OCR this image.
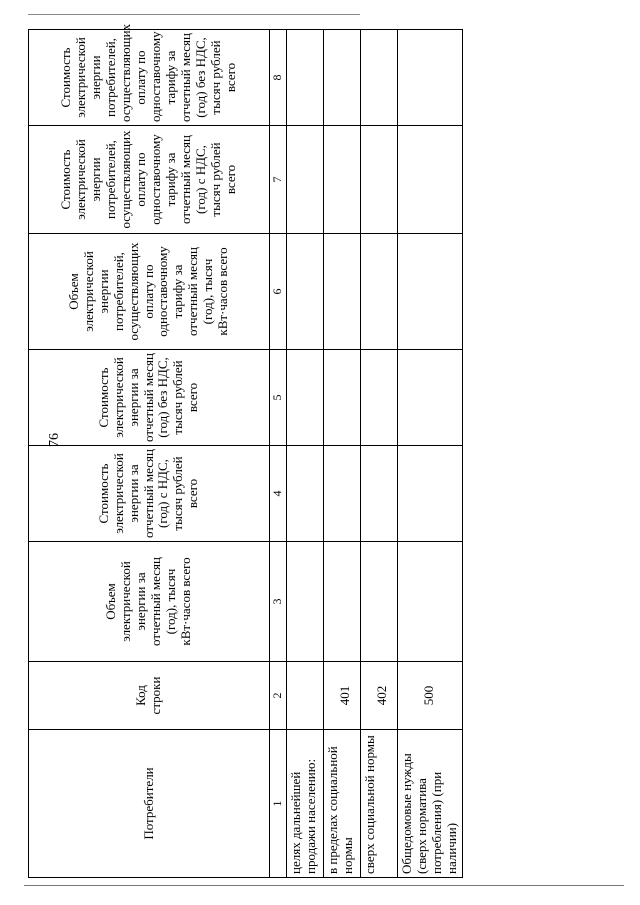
76
Потребители	Код строки	Объем электрической энергии за отчетный месяц (год), тысяч кВт·часов всего	Стоимость электрической энергии за отчетный месяц (год) с НДС, тысяч рублей всего	Стоимость электрической энергии за отчетный месяц (год) без НДС, тысяч рублей всего	Объем электрической энергии потребителей, осуществляющих оплату по одноставочному тарифу за отчетный месяц (год), тысяч кВт·часов всего	Стоимость электрической энергии потребителей, осуществляющих оплату по одноставочному тарифу за отчетный месяц (год) с НДС, тысяч рублей всего	Стоимость электрической энергии потребителей, осуществляющих оплату по одноставочному тарифу за отчетный месяц (год) без НДС, тысяч рублей всего
1	2	3	4	5	6	7	8
целях дальнейшей продажи населению:							
в пределах социальной нормы	401						

сверх социальной нормы	402						

Общедомовые нужды (сверх норматива потребления) (при наличии)	500						
